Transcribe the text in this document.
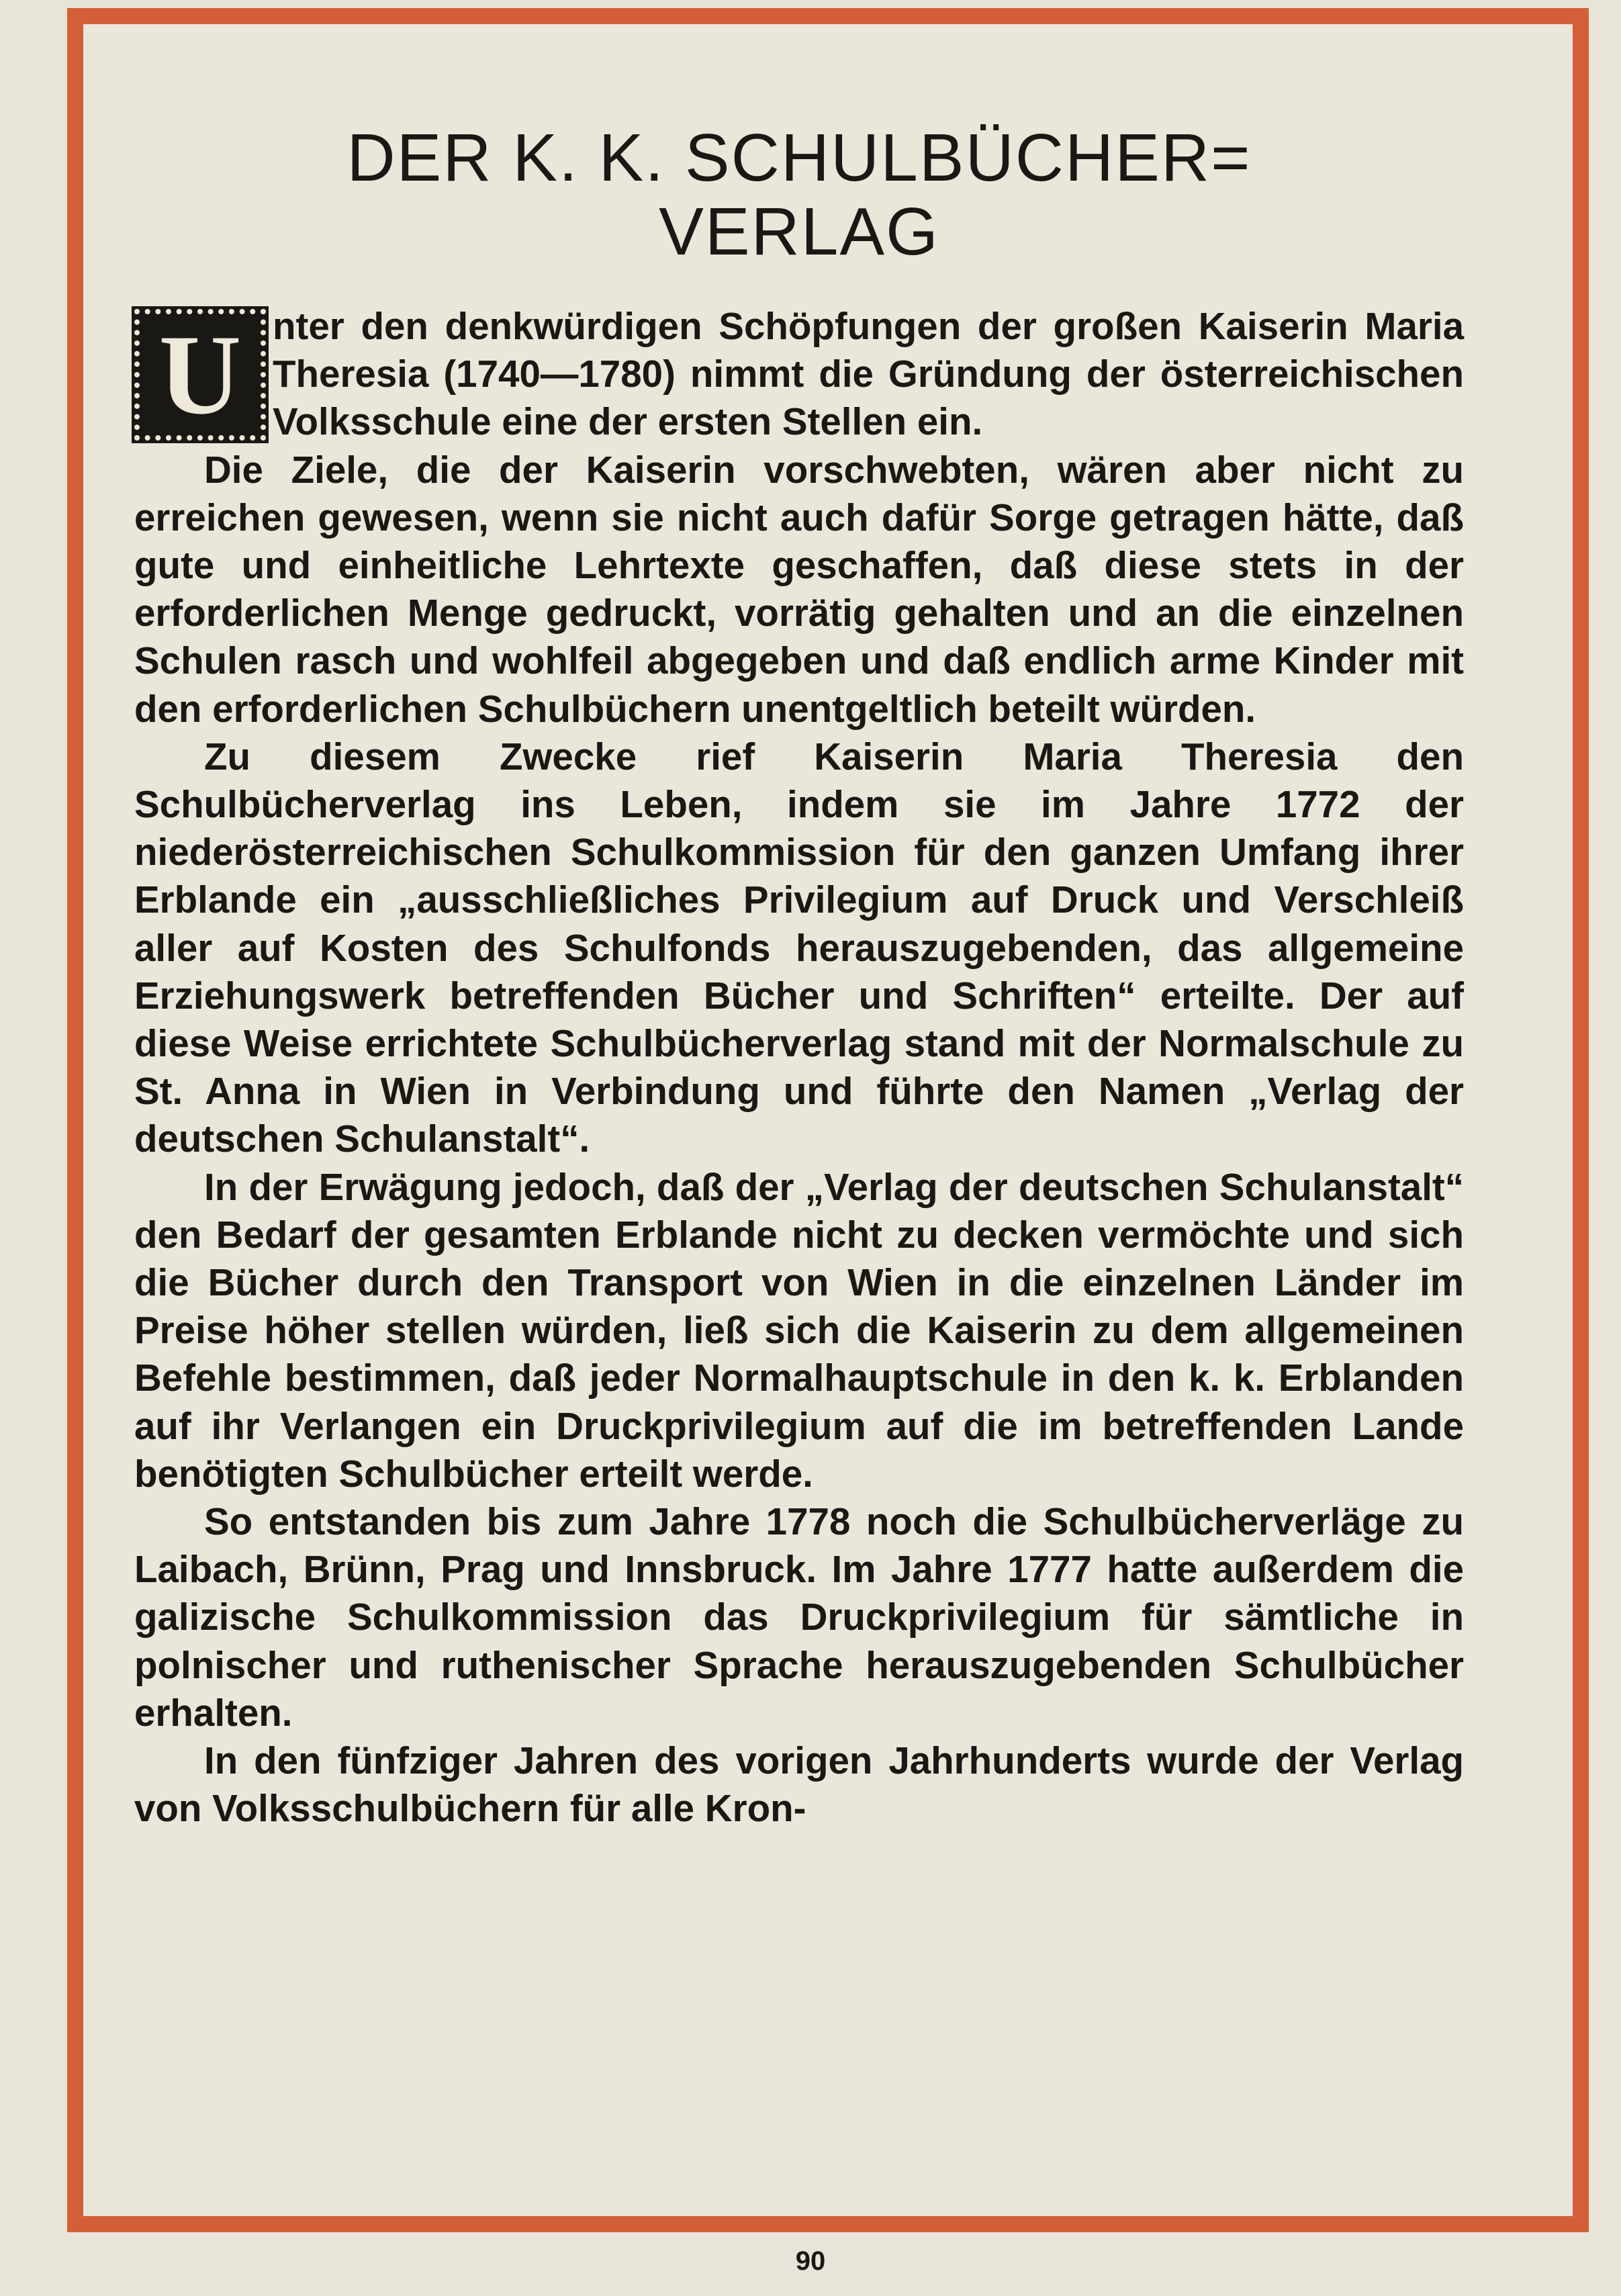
DER K. K. SCHULBÜCHER=
VERLAG

U nter den denkwürdigen Schöpfungen der großen Kaiserin Maria Theresia (1740—1780) nimmt die Gründung der österreichischen Volksschule eine der ersten Stellen ein.

Die Ziele, die der Kaiserin vorschwebten, wären aber nicht zu erreichen gewesen, wenn sie nicht auch dafür Sorge getragen hätte, daß gute und einheitliche Lehrtexte geschaffen, daß diese stets in der erforderlichen Menge gedruckt, vorrätig gehalten und an die einzelnen Schulen rasch und wohlfeil abgegeben und daß endlich arme Kinder mit den erforderlichen Schulbüchern unentgeltlich beteilt würden.

Zu diesem Zwecke rief Kaiserin Maria Theresia den Schulbücherverlag ins Leben, indem sie im Jahre 1772 der niederösterreichischen Schulkommission für den ganzen Umfang ihrer Erblande ein „ausschließliches Privilegium auf Druck und Verschleiß aller auf Kosten des Schulfonds herauszugebenden, das allgemeine Erziehungswerk betreffenden Bücher und Schriften“ erteilte. Der auf diese Weise errichtete Schulbücherverlag stand mit der Normalschule zu St. Anna in Wien in Verbindung und führte den Namen „Verlag der deutschen Schulanstalt“.

In der Erwägung jedoch, daß der „Verlag der deutschen Schulanstalt“ den Bedarf der gesamten Erblande nicht zu decken vermöchte und sich die Bücher durch den Transport von Wien in die einzelnen Länder im Preise höher stellen würden, ließ sich die Kaiserin zu dem allgemeinen Befehle bestimmen, daß jeder Normalhauptschule in den k. k. Erblanden auf ihr Verlangen ein Druckprivilegium auf die im betreffenden Lande benötigten Schulbücher erteilt werde.

So entstanden bis zum Jahre 1778 noch die Schulbücherverläge zu Laibach, Brünn, Prag und Innsbruck. Im Jahre 1777 hatte außerdem die galizische Schulkommission das Druckprivilegium für sämtliche in polnischer und ruthenischer Sprache herauszugebenden Schulbücher erhalten.

In den fünfziger Jahren des vorigen Jahrhunderts wurde der Verlag von Volksschulbüchern für alle Kron-

90
